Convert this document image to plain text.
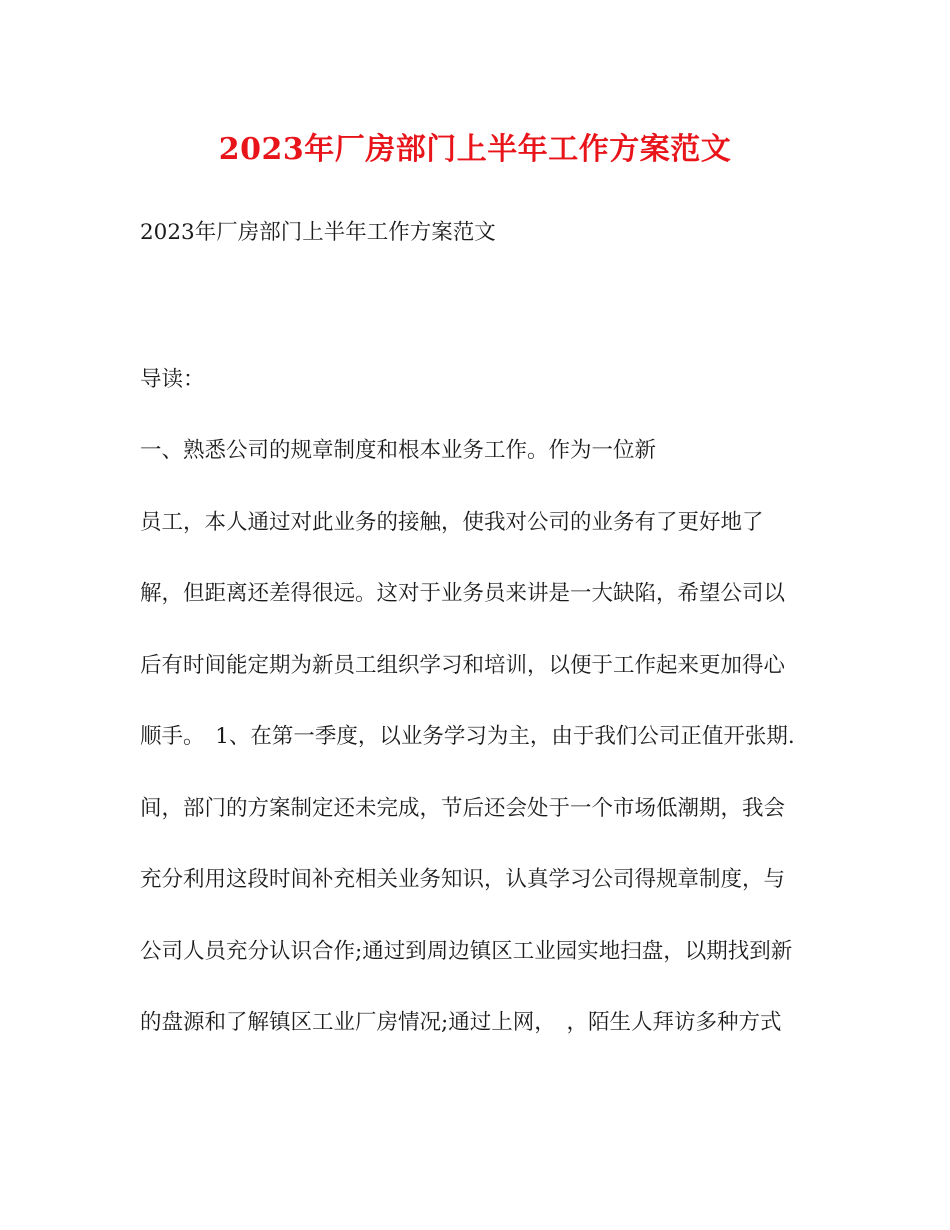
2023年厂房部门上半年工作方案范文
2023年厂房部门上半年工作方案范文
导读：
一、熟悉公司的规章制度和根本业务工作。作为一位新
员工，本人通过对此业务的接触，使我对公司的业务有了更好地了
解，但距离还差得很远。这对于业务员来讲是一大缺陷，希望公司以
后有时间能定期为新员工组织学习和培训，以便于工作起来更加得心
顺手。　1、在第一季度，以业务学习为主，由于我们公司正值开张期.
间，部门的方案制定还未完成，节后还会处于一个市场低潮期，我会
充分利用这段时间补充相关业务知识，认真学习公司得规章制度，与
公司人员充分认识合作;通过到周边镇区工业园实地扫盘，以期找到新
的盘源和了解镇区工业厂房情况;通过上网，　，陌生人拜访多种方式
